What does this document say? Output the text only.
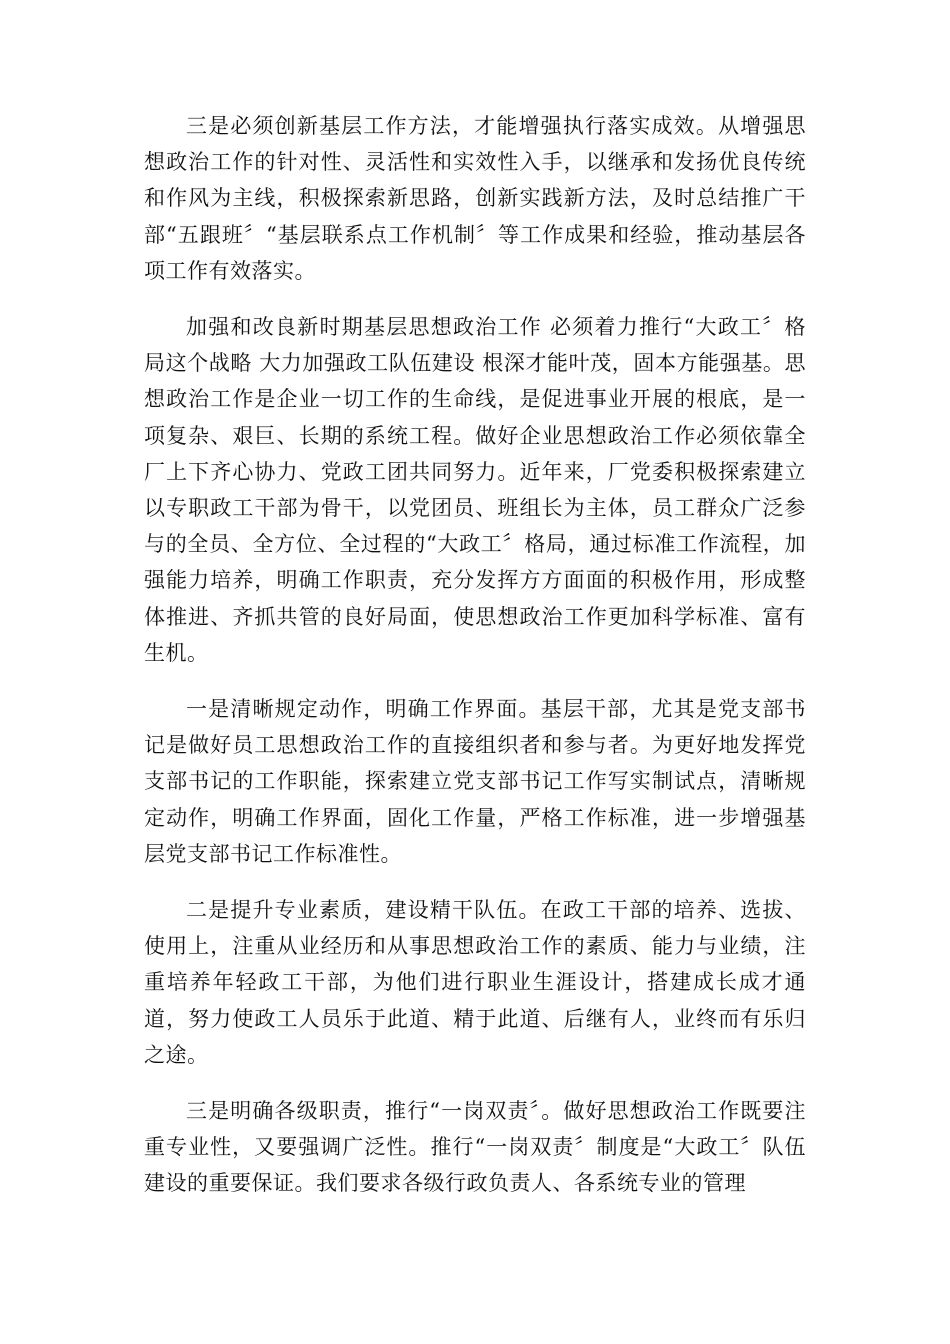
三是必须创新基层工作方法，才能增强执行落实成效。从增强思想政治工作的针对性、灵活性和实效性入手，以继承和发扬优良传统和作风为主线，积极探索新思路，创新实践新方法，及时总结推广干部“五跟班〞“基层联系点工作机制〞等工作成果和经验，推动基层各项工作有效落实。

加强和改良新时期基层思想政治工作 必须着力推行“大政工〞格局这个战略 大力加强政工队伍建设 根深才能叶茂，固本方能强基。思想政治工作是企业一切工作的生命线，是促进事业开展的根底，是一项复杂、艰巨、长期的系统工程。做好企业思想政治工作必须依靠全厂上下齐心协力、党政工团共同努力。近年来，厂党委积极探索建立以专职政工干部为骨干，以党团员、班组长为主体，员工群众广泛参与的全员、全方位、全过程的“大政工〞格局，通过标准工作流程，加强能力培养，明确工作职责，充分发挥方方面面的积极作用，形成整体推进、齐抓共管的良好局面，使思想政治工作更加科学标准、富有生机。

一是清晰规定动作，明确工作界面。基层干部，尤其是党支部书记是做好员工思想政治工作的直接组织者和参与者。为更好地发挥党支部书记的工作职能，探索建立党支部书记工作写实制试点，清晰规定动作，明确工作界面，固化工作量，严格工作标准，进一步增强基层党支部书记工作标准性。

二是提升专业素质，建设精干队伍。在政工干部的培养、选拔、使用上，注重从业经历和从事思想政治工作的素质、能力与业绩，注重培养年轻政工干部，为他们进行职业生涯设计，搭建成长成才通道，努力使政工人员乐于此道、精于此道、后继有人，业终而有乐归之途。

三是明确各级职责，推行“一岗双责〞。做好思想政治工作既要注重专业性，又要强调广泛性。推行“一岗双责〞制度是“大政工〞队伍建设的重要保证。我们要求各级行政负责人、各系统专业的管理
